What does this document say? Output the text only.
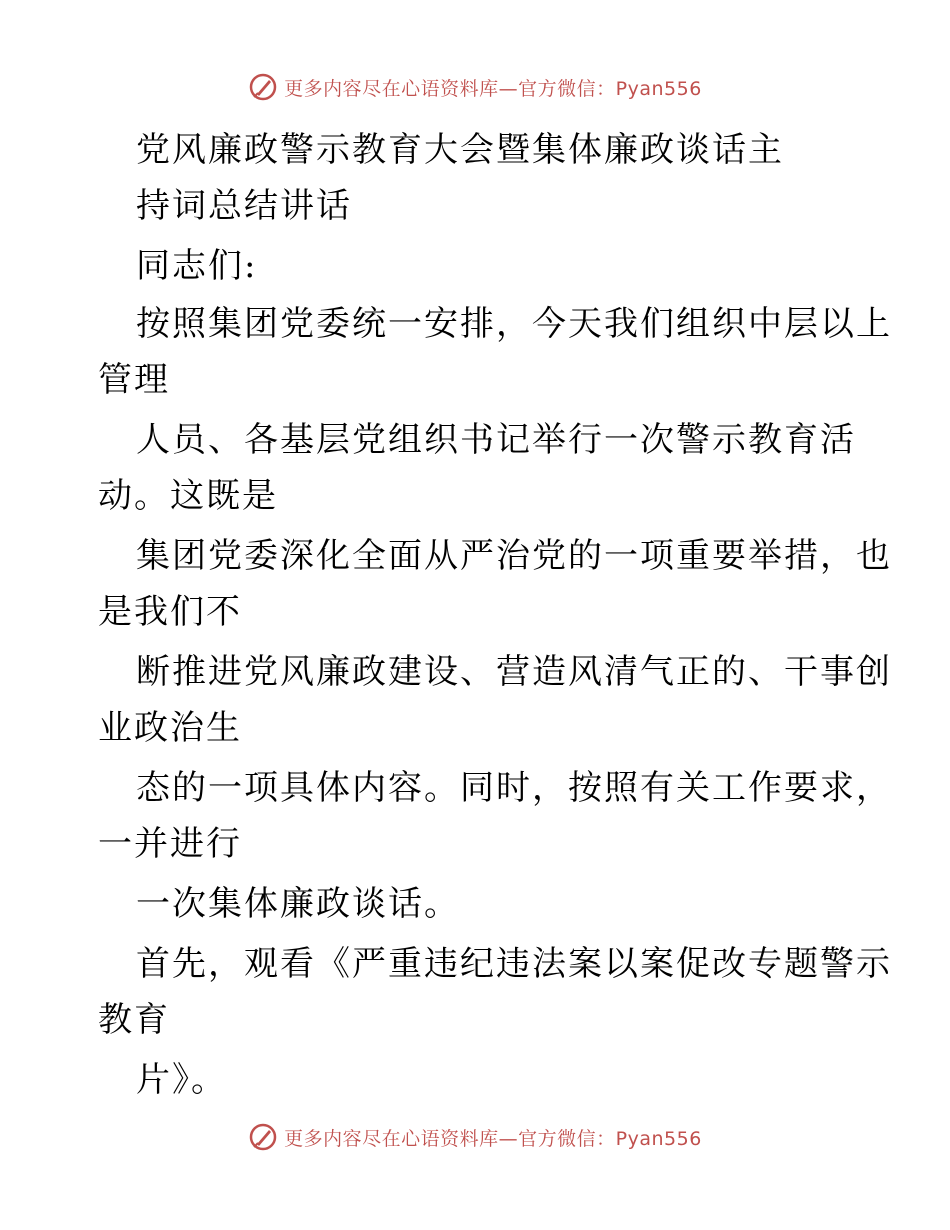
更多内容尽在心语资料库—官方微信：Pyan556
党风廉政警示教育大会暨集体廉政谈话主
持词总结讲话
同志们:
按照集团党委统一安排，今天我们组织中层以上
管理
人员、各基层党组织书记举行一次警示教育活
动。这既是
集团党委深化全面从严治党的一项重要举措，也
是我们不
断推进党风廉政建设、营造风清气正的、干事创
业政治生
态的一项具体内容。同时，按照有关工作要求，
一并进行
一次集体廉政谈话。
首先，观看《严重违纪违法案以案促改专题警示
教育
片》。
更多内容尽在心语资料库—官方微信：Pyan556
